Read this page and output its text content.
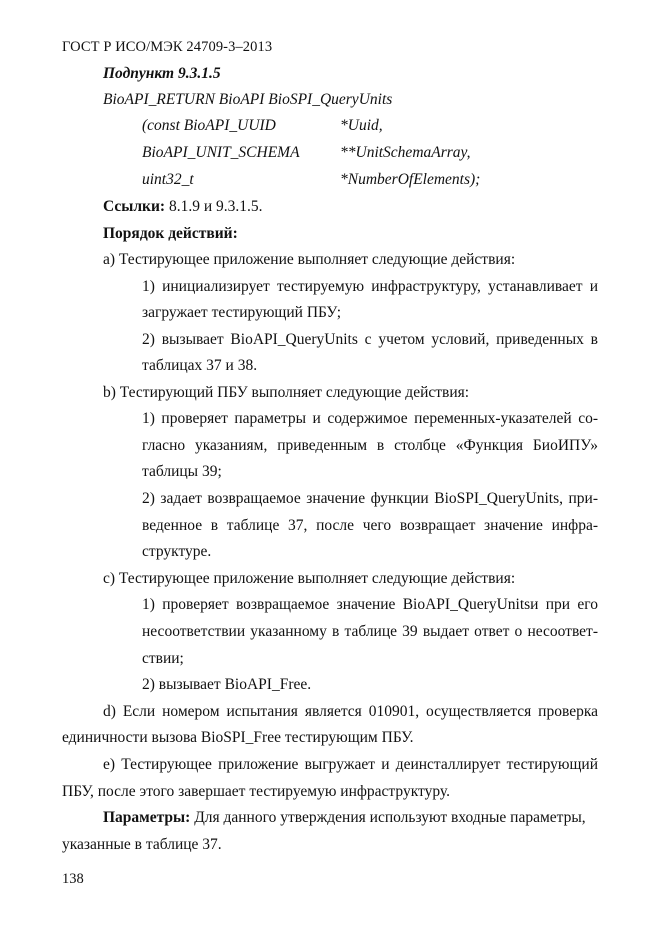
ГОСТ Р ИСО/МЭК 24709-3–2013
Подпункт 9.3.1.5
BioAPI_RETURN BioAPI BioSPI_QueryUnits
(const BioAPI_UUID	*Uuid,
BioAPI_UNIT_SCHEMA	**UnitSchemaArray,
uint32_t	*NumberOfElements);
Ссылки: 8.1.9 и 9.3.1.5.
Порядок действий:
a) Тестирующее приложение выполняет следующие действия:
1) инициализирует тестируемую инфраструктуру, устанавливает и
загружает тестирующий ПБУ;
2) вызывает BioAPI_QueryUnits с учетом условий, приведенных в
таблицах 37 и 38.
b) Тестирующий ПБУ выполняет следующие действия:
1) проверяет параметры и содержимое переменных-указателей со-
гласно указаниям, приведенным в столбце «Функция БиоИПУ»
таблицы 39;
2) задает возвращаемое значение функции BioSPI_QueryUnits, при-
веденное в таблице 37, после чего возвращает значение инфра-
структуре.
c) Тестирующее приложение выполняет следующие действия:
1) проверяет возвращаемое значение BioAPI_QueryUnitsи при его
несоответствии указанному в таблице 39 выдает ответ о несоответ-
ствии;
2) вызывает BioAPI_Free.
d) Если номером испытания является 010901, осуществляется проверка
единичности вызова BioSPI_Free тестирующим ПБУ.
e) Тестирующее приложение выгружает и деинсталлирует тестирующий
ПБУ, после этого завершает тестируемую инфраструктуру.
Параметры: Для данного утверждения используют входные параметры,
указанные в таблице 37.
138
